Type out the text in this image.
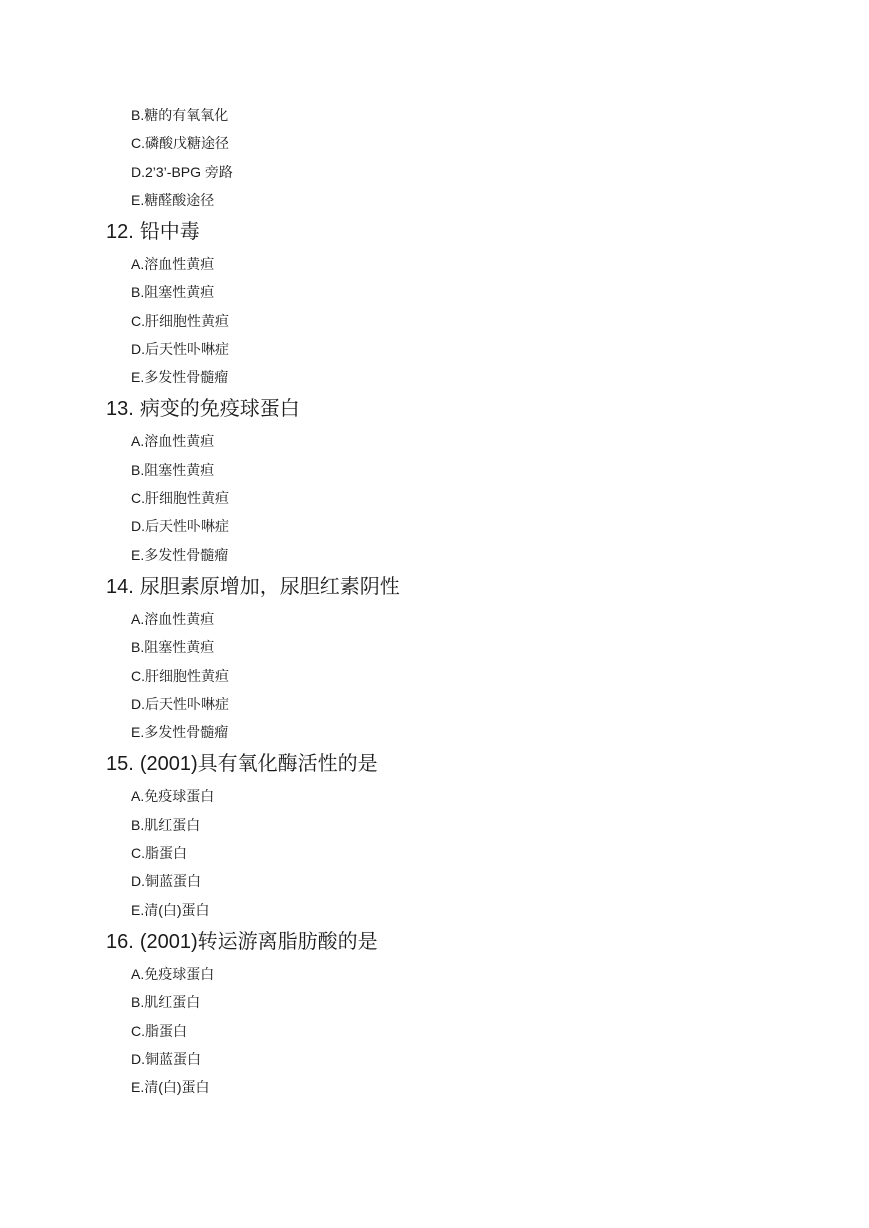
B.糖的有氧氧化
C.磷酸戊糖途径
D.2’3’-BPG 旁路
E.糖醛酸途径
12. 铅中毒
A.溶血性黄疸
B.阻塞性黄疸
C.肝细胞性黄疸
D.后天性卟啉症
E.多发性骨髓瘤
13. 病变的免疫球蛋白
A.溶血性黄疸
B.阻塞性黄疸
C.肝细胞性黄疸
D.后天性卟啉症
E.多发性骨髓瘤
14. 尿胆素原增加，尿胆红素阴性
A.溶血性黄疸
B.阻塞性黄疸
C.肝细胞性黄疸
D.后天性卟啉症
E.多发性骨髓瘤
15. (2001)具有氧化酶活性的是
A.免疫球蛋白
B.肌红蛋白
C.脂蛋白
D.铜蓝蛋白
E.清(白)蛋白
16. (2001)转运游离脂肪酸的是
A.免疫球蛋白
B.肌红蛋白
C.脂蛋白
D.铜蓝蛋白
E.清(白)蛋白
